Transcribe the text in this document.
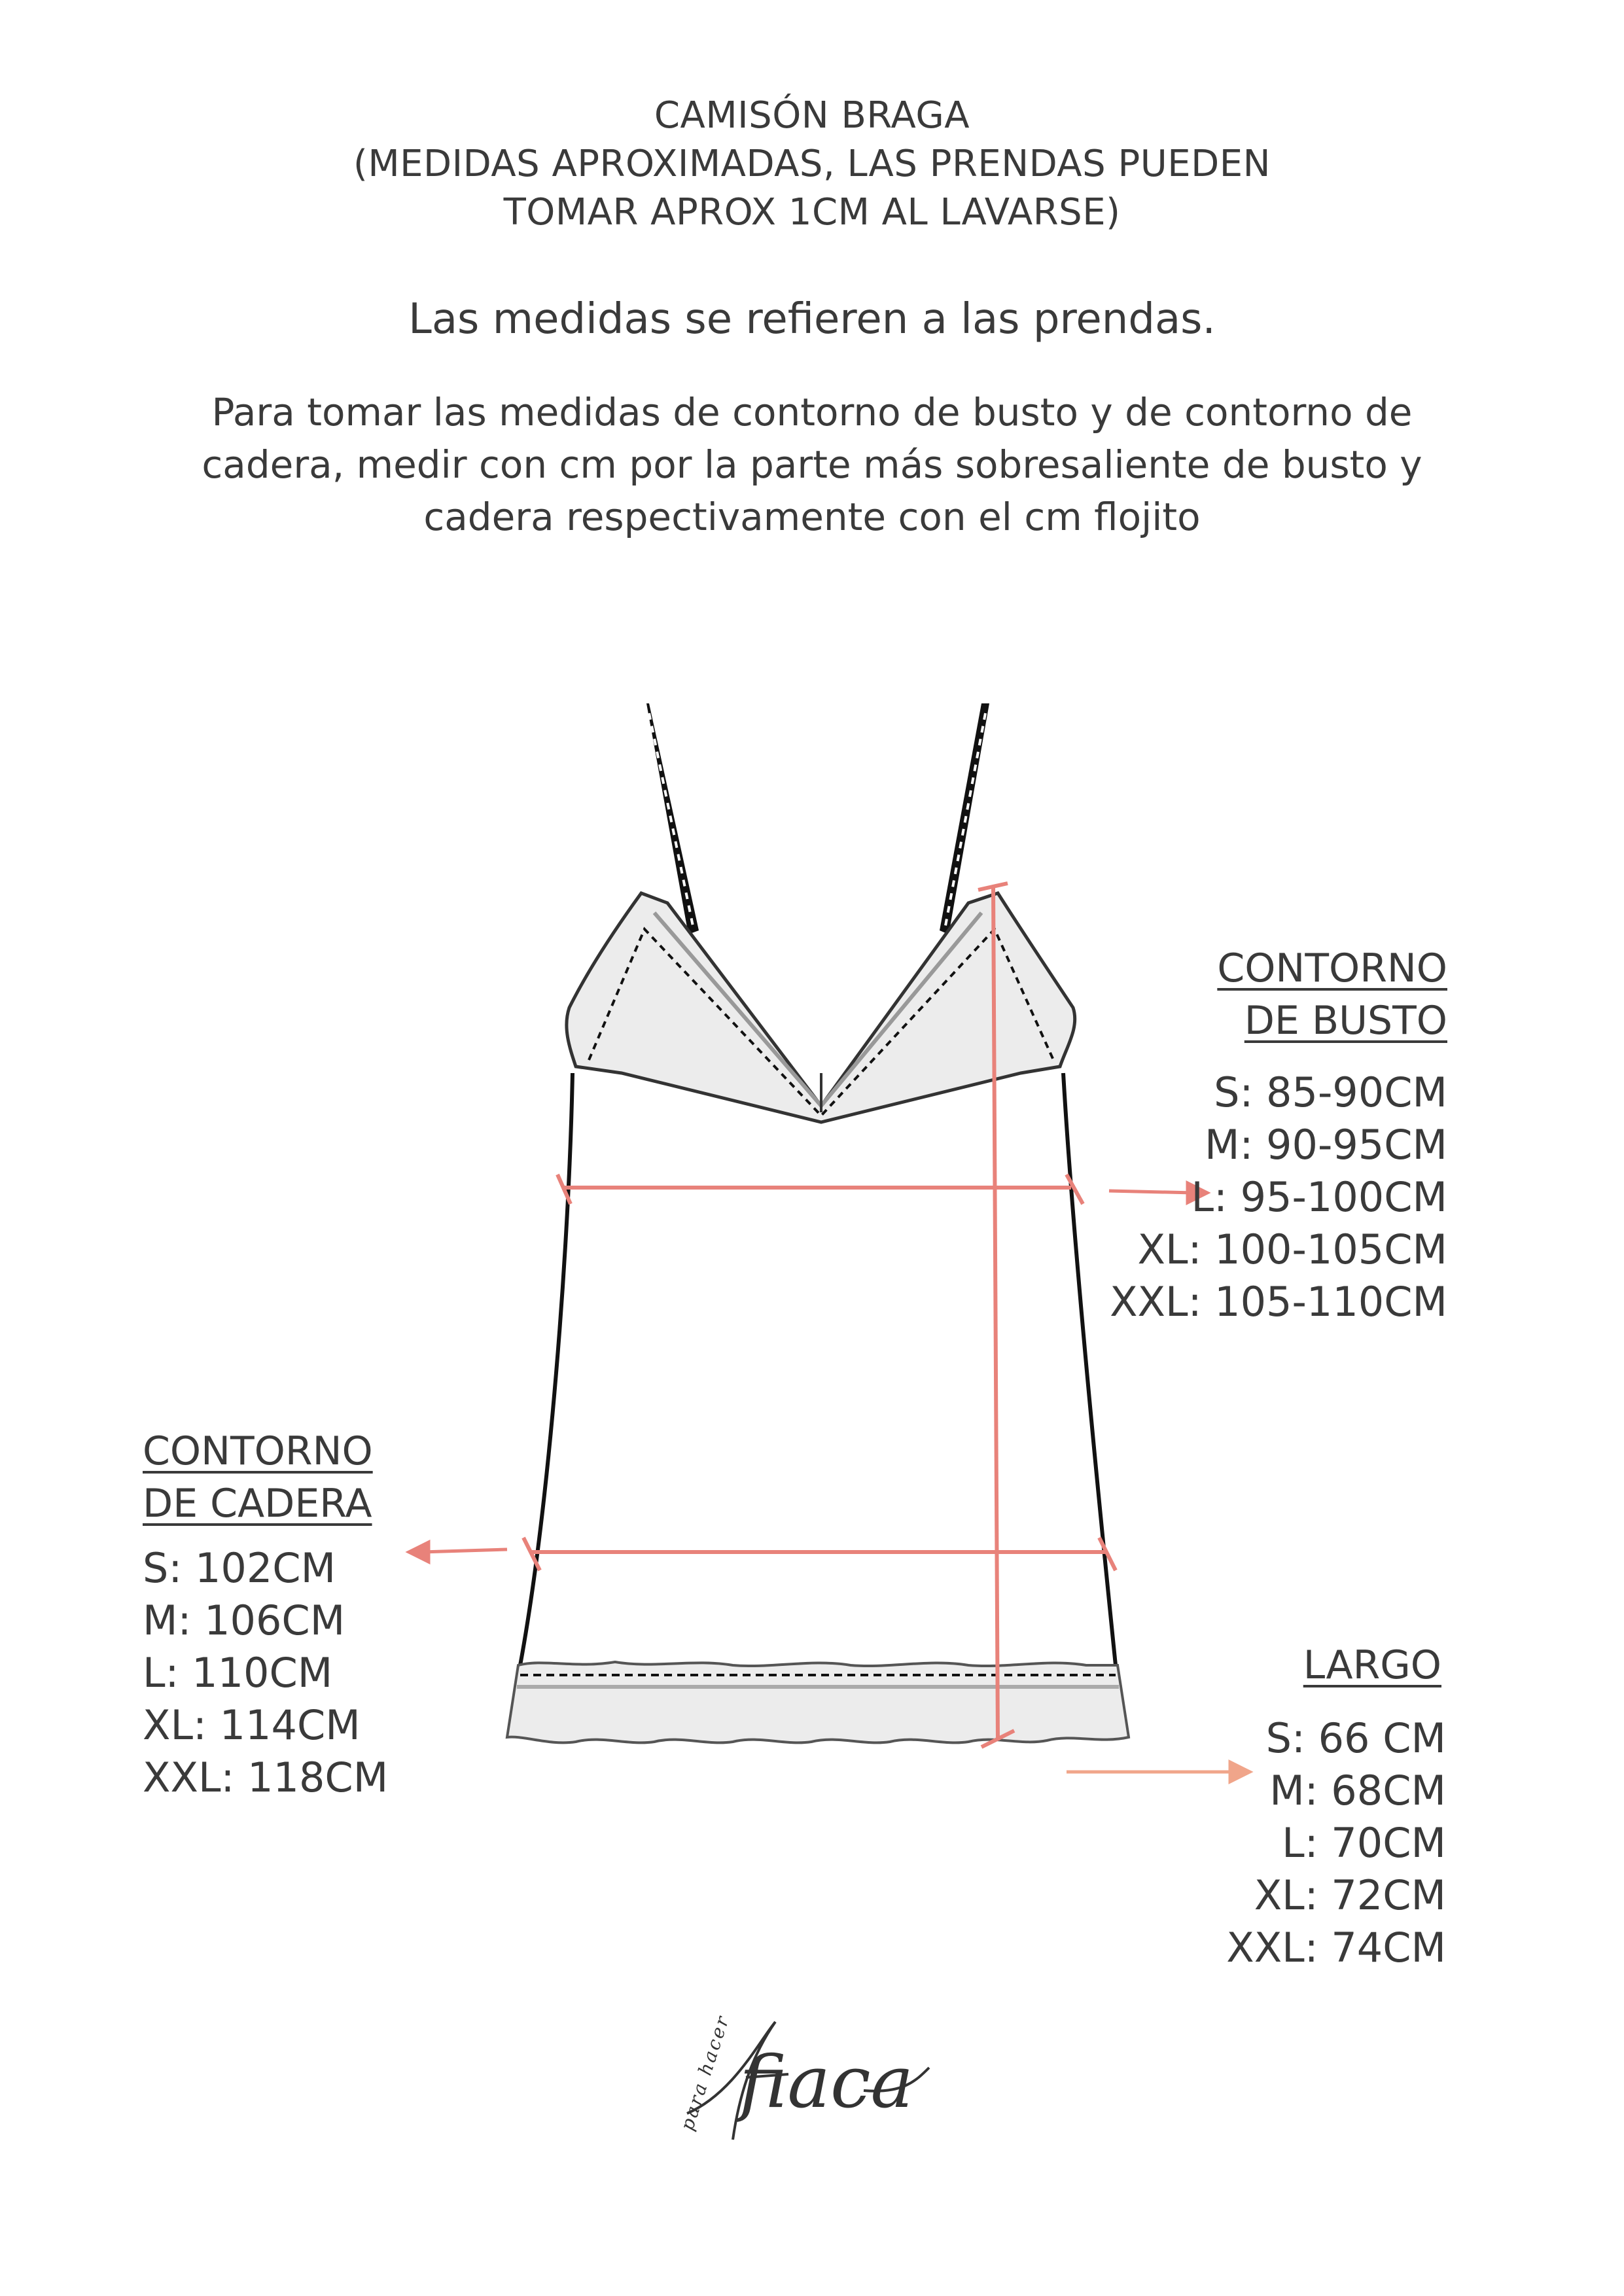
CAMISÓN BRAGA
(MEDIDAS APROXIMADAS, LAS PRENDAS PUEDEN
TOMAR APROX 1CM AL LAVARSE)
Las medidas se refieren a las prendas.
Para tomar las medidas de contorno de busto y de contorno de
cadera, medir con cm por la parte más sobresaliente de busto y
cadera respectivamente con el cm flojito
fiaca
para hacer
CONTORNO
DE BUSTO
S: 85-90CM
M: 90-95CM
L: 95-100CM
XL: 100-105CM
XXL: 105-110CM
CONTORNO
DE CADERA
S: 102CM
M: 106CM
L: 110CM
XL: 114CM
XXL: 118CM
LARGO
S: 66 CM
M: 68CM
L: 70CM
XL: 72CM
XXL: 74CM
